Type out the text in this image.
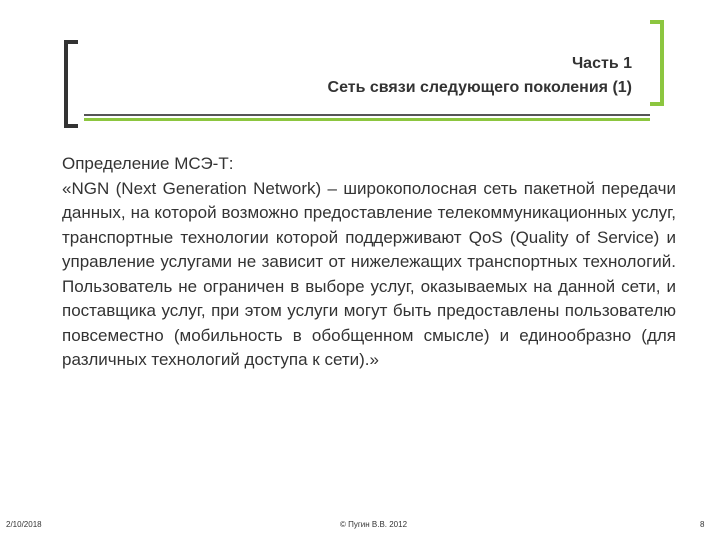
Часть 1
Сеть связи следующего поколения (1)
Определение МСЭ-Т:
«NGN (Next Generation Network) – широкополосная сеть пакетной передачи данных, на которой возможно предоставление телекоммуникационных услуг, транспортные технологии которой поддерживают QoS (Quality of Service) и управление услугами не зависит от нижележащих транспортных технологий. Пользователь не ограничен в выборе услуг, оказываемых на данной сети, и поставщика услуг, при этом услуги могут быть предоставлены пользователю повсеместно (мобильность в обобщенном смысле) и единообразно (для различных технологий доступа к сети).»
2/10/2018	© Пугин В.В. 2012	8
